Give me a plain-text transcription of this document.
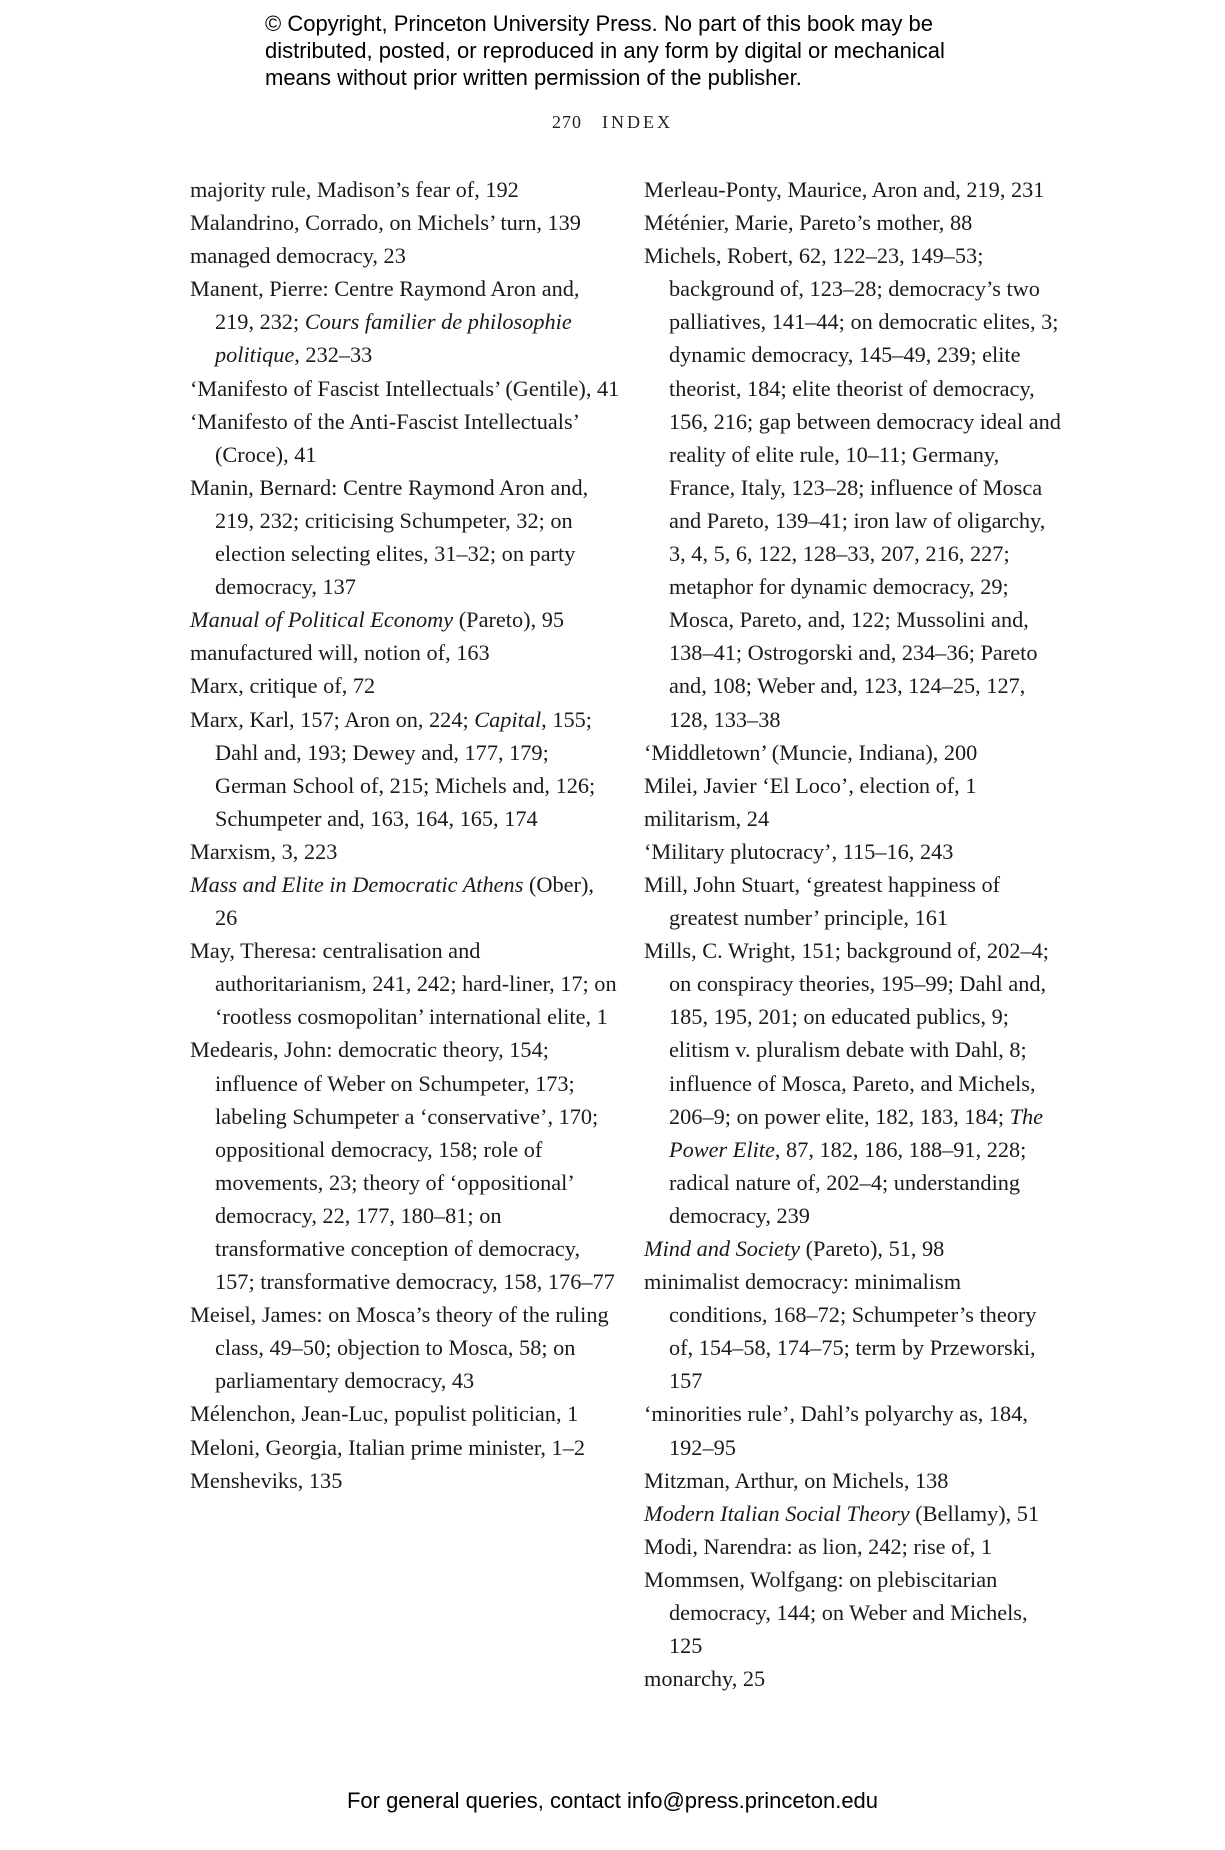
© Copyright, Princeton University Press. No part of this book may be
distributed, posted, or reproduced in any form by digital or mechanical
means without prior written permission of the publisher.
270 INDEX
majority rule, Madison’s fear of, 192
Malandrino, Corrado, on Michels’ turn, 139
managed democracy, 23
Manent, Pierre: Centre Raymond Aron and, 219, 232; Cours familier de philosophie politique, 232–33
‘Manifesto of Fascist Intellectuals’ (Gentile), 41
‘Manifesto of the Anti-Fascist Intellectuals’ (Croce), 41
Manin, Bernard: Centre Raymond Aron and, 219, 232; criticising Schumpeter, 32; on election selecting elites, 31–32; on party democracy, 137
Manual of Political Economy (Pareto), 95
manufactured will, notion of, 163
Marx, critique of, 72
Marx, Karl, 157; Aron on, 224; Capital, 155; Dahl and, 193; Dewey and, 177, 179; German School of, 215; Michels and, 126; Schumpeter and, 163, 164, 165, 174
Marxism, 3, 223
Mass and Elite in Democratic Athens (Ober), 26
May, Theresa: centralisation and authoritarianism, 241, 242; hard-liner, 17; on ‘rootless cosmopolitan’ international elite, 1
Medearis, John: democratic theory, 154; influence of Weber on Schumpeter, 173; labeling Schumpeter a ‘conservative’, 170; oppositional democracy, 158; role of movements, 23; theory of ‘oppositional’ democracy, 22, 177, 180–81; on transformative conception of democracy, 157; transformative democracy, 158, 176–77
Meisel, James: on Mosca’s theory of the ruling class, 49–50; objection to Mosca, 58; on parliamentary democracy, 43
Mélenchon, Jean-Luc, populist politician, 1
Meloni, Georgia, Italian prime minister, 1–2
Mensheviks, 135
Merleau-Ponty, Maurice, Aron and, 219, 231
Méténier, Marie, Pareto’s mother, 88
Michels, Robert, 62, 122–23, 149–53; background of, 123–28; democracy’s two palliatives, 141–44; on democratic elites, 3; dynamic democracy, 145–49, 239; elite theorist, 184; elite theorist of democracy, 156, 216; gap between democracy ideal and reality of elite rule, 10–11; Germany, France, Italy, 123–28; influence of Mosca and Pareto, 139–41; iron law of oligarchy, 3, 4, 5, 6, 122, 128–33, 207, 216, 227; metaphor for dynamic democracy, 29; Mosca, Pareto, and, 122; Mussolini and, 138–41; Ostrogorski and, 234–36; Pareto and, 108; Weber and, 123, 124–25, 127, 128, 133–38
‘Middletown’ (Muncie, Indiana), 200
Milei, Javier ‘El Loco’, election of, 1
militarism, 24
‘Military plutocracy’, 115–16, 243
Mill, John Stuart, ‘greatest happiness of greatest number’ principle, 161
Mills, C. Wright, 151; background of, 202–4; on conspiracy theories, 195–99; Dahl and, 185, 195, 201; on educated publics, 9; elitism v. pluralism debate with Dahl, 8; influence of Mosca, Pareto, and Michels, 206–9; on power elite, 182, 183, 184; The Power Elite, 87, 182, 186, 188–91, 228; radical nature of, 202–4; understanding democracy, 239
Mind and Society (Pareto), 51, 98
minimalist democracy: minimalism conditions, 168–72; Schumpeter’s theory of, 154–58, 174–75; term by Przeworski, 157
‘minorities rule’, Dahl’s polyarchy as, 184, 192–95
Mitzman, Arthur, on Michels, 138
Modern Italian Social Theory (Bellamy), 51
Modi, Narendra: as lion, 242; rise of, 1
Mommsen, Wolfgang: on plebiscitarian democracy, 144; on Weber and Michels, 125
monarchy, 25
For general queries, contact info@press.princeton.edu
